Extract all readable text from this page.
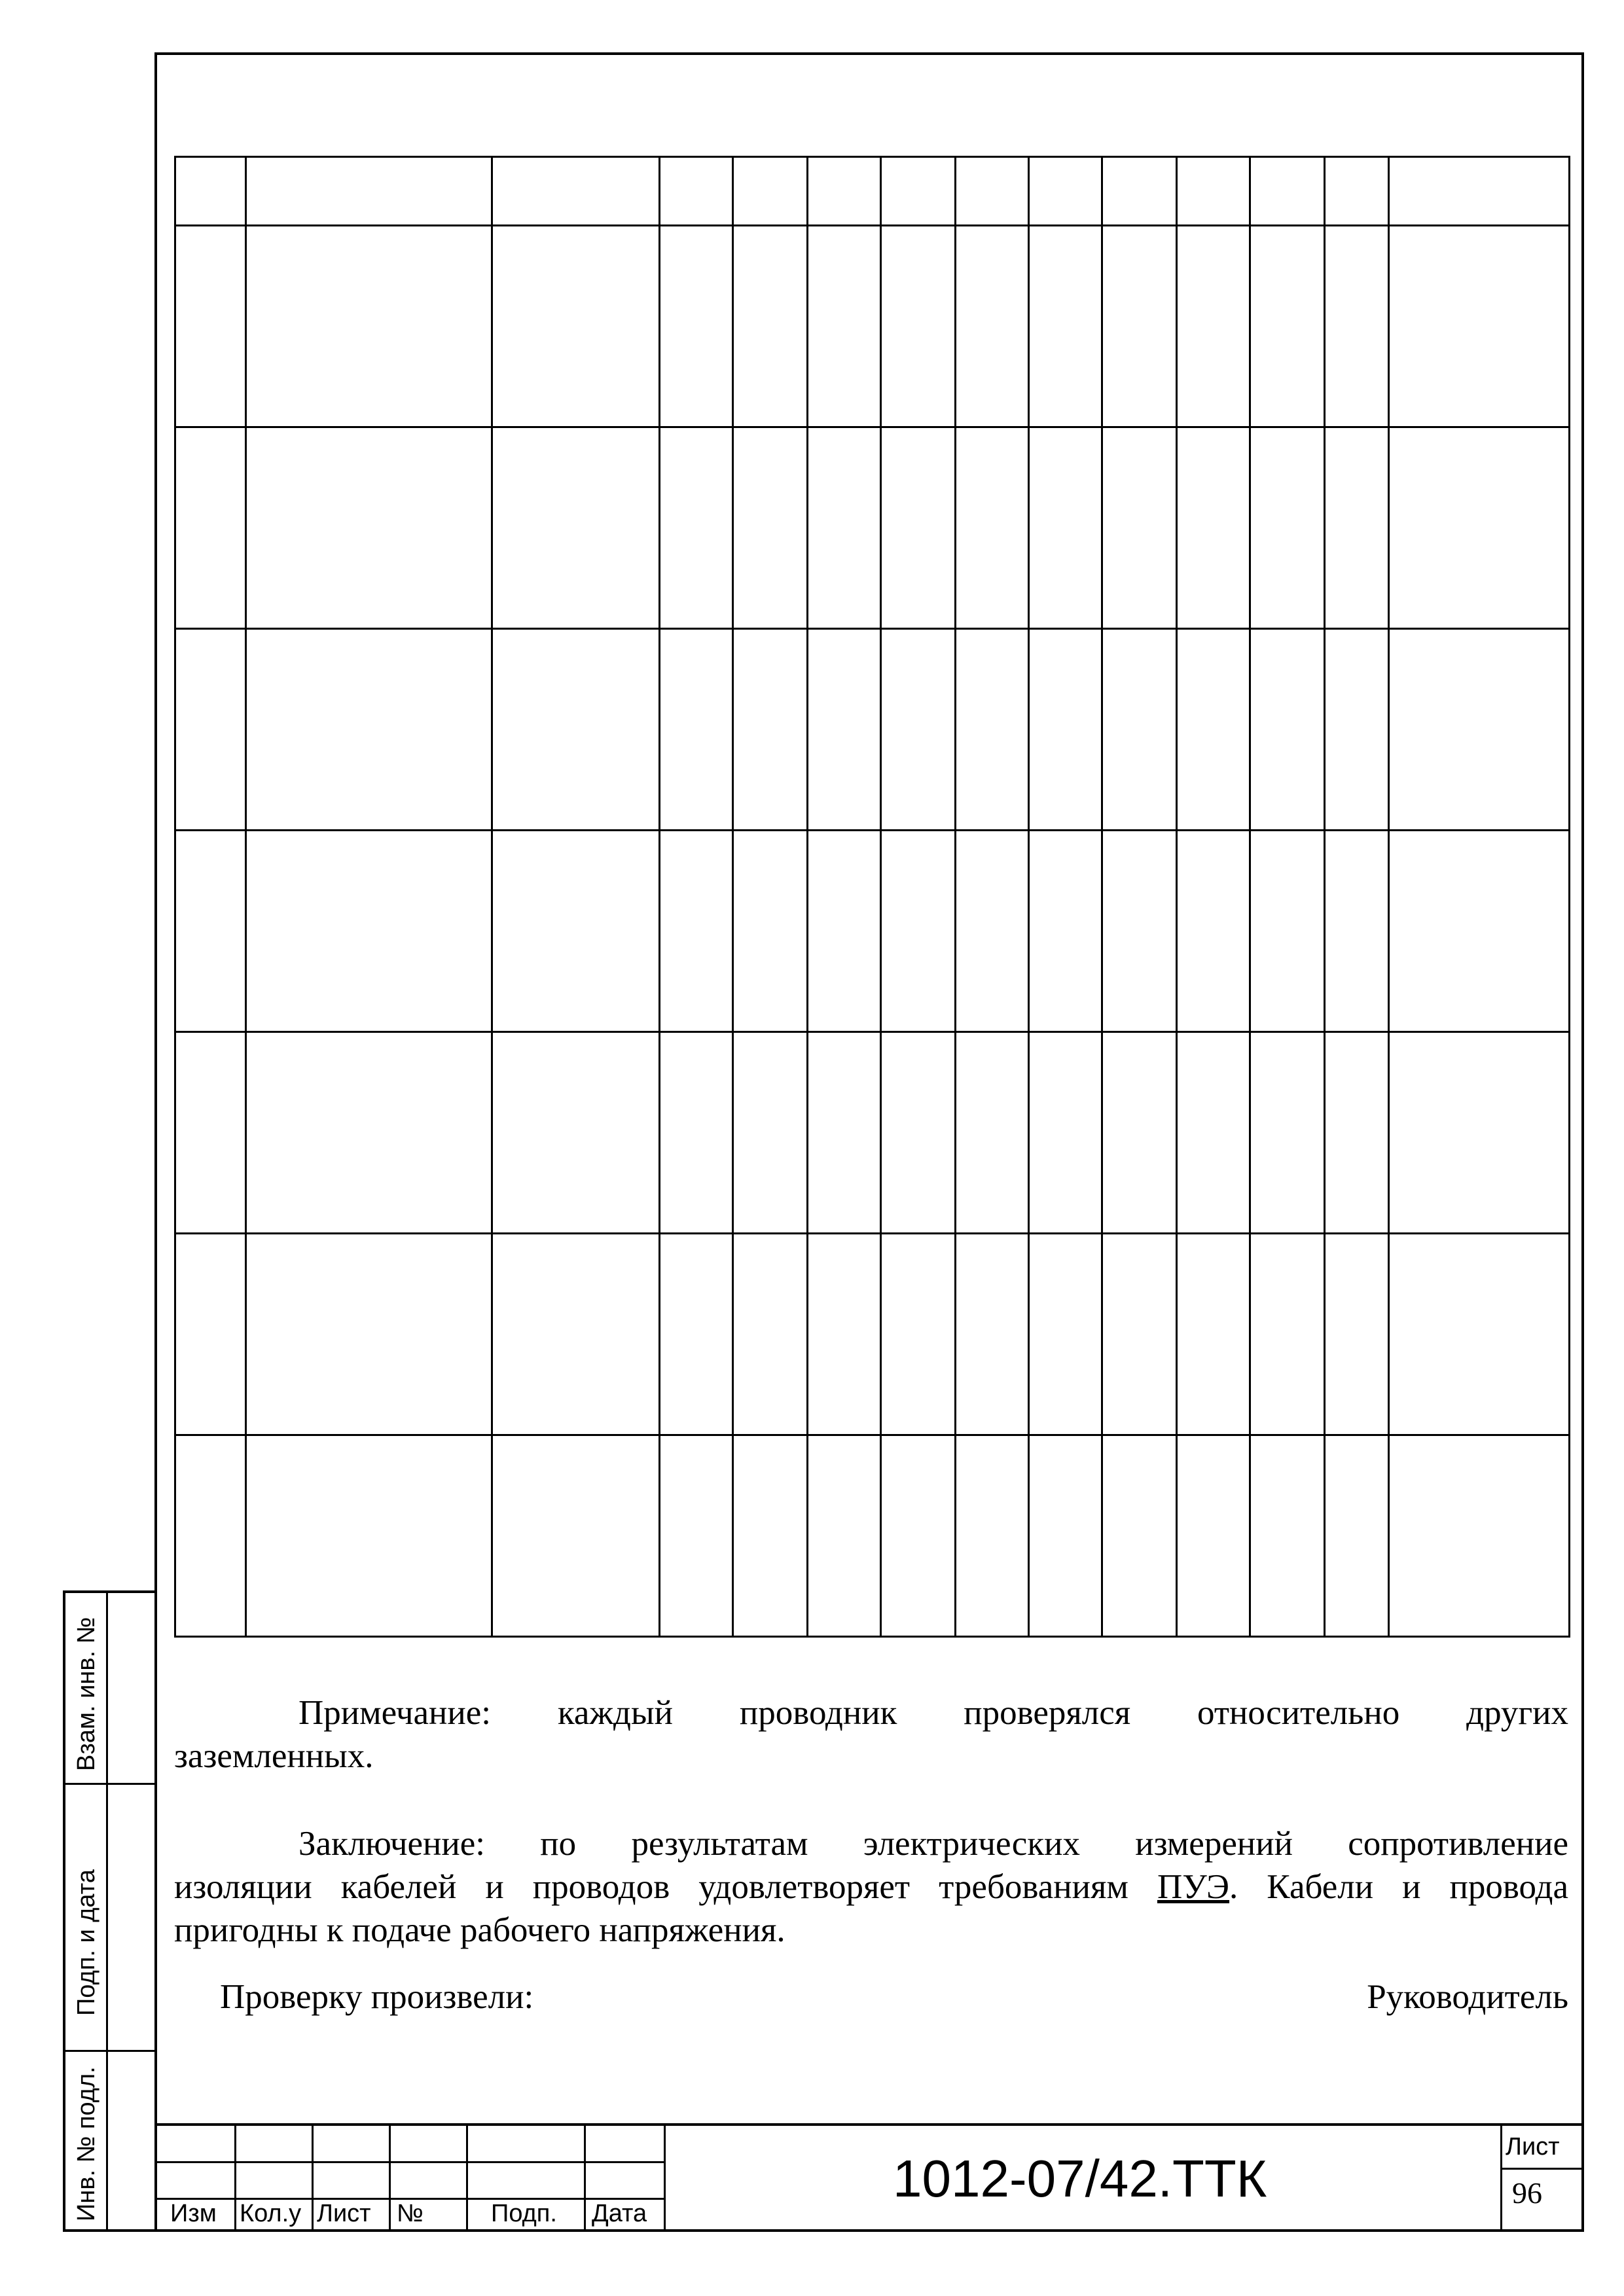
Примечание: каждый проводник проверялся относительно других
заземленных.
Заключение: по результатам электрических измерений сопротивление
изоляции кабелей и проводов удовлетворяет требованиям ПУЭ. Кабели и провода
пригодны к подаче рабочего напряжения.
Проверку произвели:	Руководитель
Изм Кол.у Лист №	Подп. Дата
1012-07/42.ТТК
Лист
96
Взам. инв. №
Подп. и дата
Инв. № подл.
